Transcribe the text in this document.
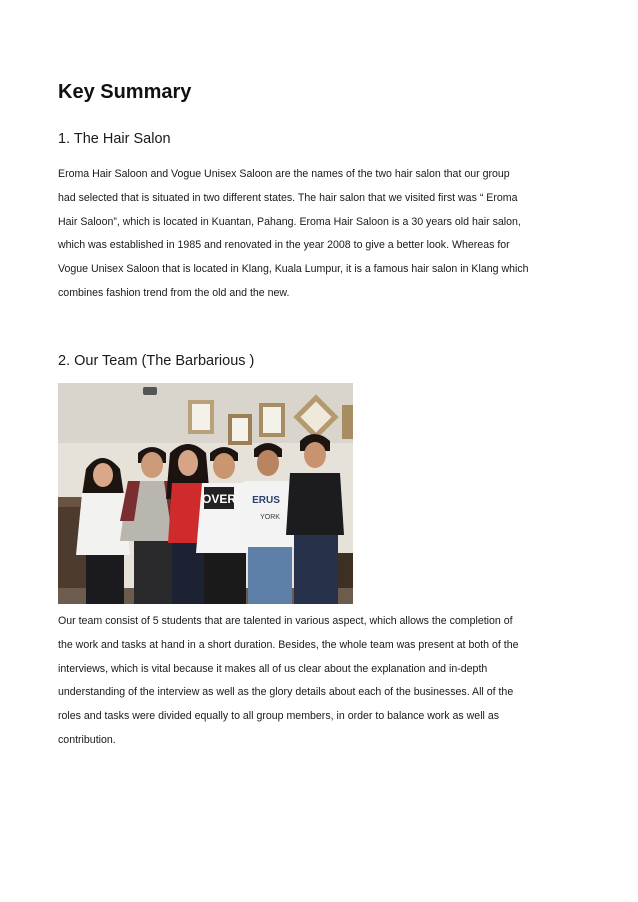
Key Summary
1. The Hair Salon

Eroma Hair Saloon and Vogue Unisex Saloon are the names of the two hair salon that our group
had selected that is situated in two different states. The hair salon that we visited first was “ Eroma
Hair Saloon”, which is located in Kuantan, Pahang. Eroma Hair Saloon is a 30 years old hair salon,
which was established in 1985 and renovated in the year 2008 to give a better look. Whereas for
Vogue Unisex Saloon that is located in Klang, Kuala Lumpur, it is a famous hair salon in Klang which
combines fashion trend from the old and the new.

2. Our Team (The Barbarious )
OVER ERUS
YORK

Our team consist of 5 students that are talented in various aspect, which allows the completion of
the work and tasks at hand in a short duration. Besides, the whole team was present at both of the
interviews, which is vital because it makes all of us clear about the explanation and in-depth
understanding of the interview as well as the glory details about each of the businesses. All of the
roles and tasks were divided equally to all group members, in order to balance work as well as
contribution.
